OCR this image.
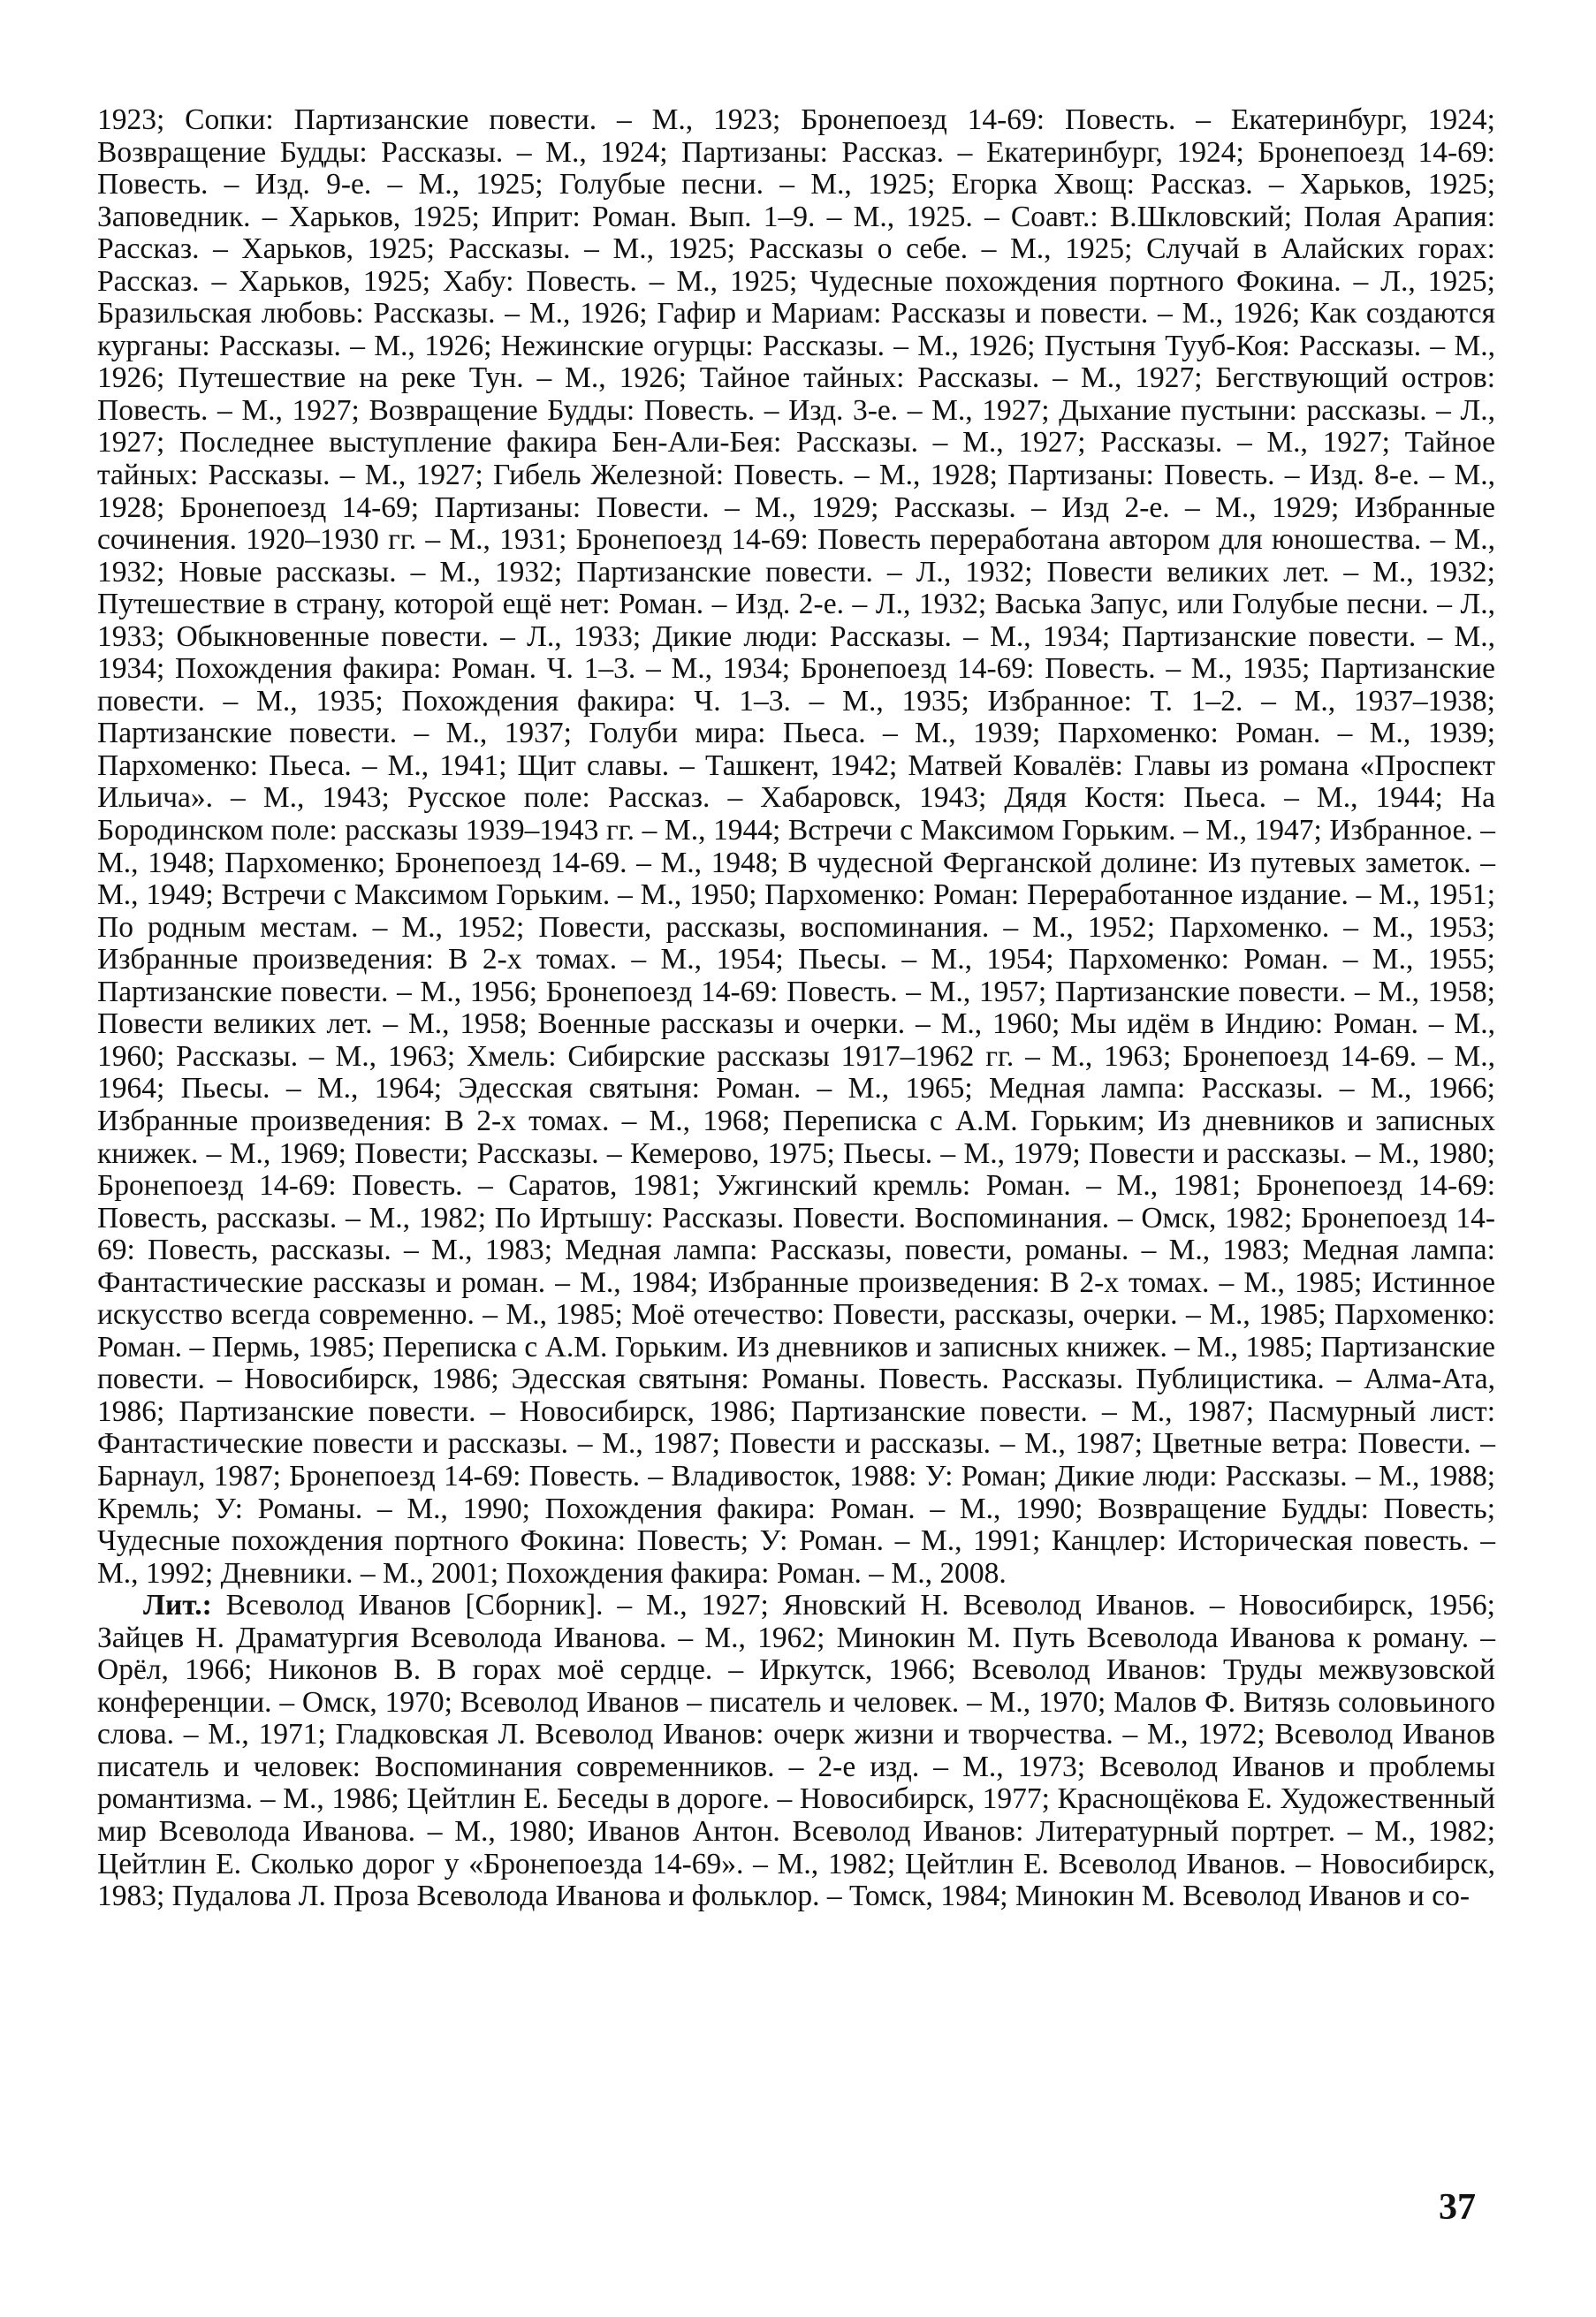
1923; Сопки: Партизанские повести. – М., 1923; Бронепоезд 14-69: Повесть. – Екатеринбург, 1924; Возвращение Будды: Рассказы. – М., 1924; Партизаны: Рассказ. – Екатеринбург, 1924; Бронепоезд 14-69: Повесть. – Изд. 9-е. – М., 1925; Голубые песни. – М., 1925; Егорка Хвощ: Рассказ. – Харьков, 1925; Заповедник. – Харьков, 1925; Иприт: Роман. Вып. 1–9. – М., 1925. – Соавт.: В.Шкловский; Полая Арапия: Рассказ. – Харьков, 1925; Рассказы. – М., 1925; Рассказы о себе. – М., 1925; Случай в Алайских горах: Рассказ. – Харьков, 1925; Хабу: Повесть. – М., 1925; Чудесные похождения портного Фокина. – Л., 1925; Бразильская любовь: Рассказы. – М., 1926; Гафир и Мариам: Рассказы и повести. – М., 1926; Как создаются курганы: Рассказы. – М., 1926; Нежинские огурцы: Рассказы. – М., 1926; Пустыня Тууб-Коя: Рассказы. – М., 1926; Путешествие на реке Тун. – М., 1926; Тайное тайных: Рассказы. – М., 1927; Бегствующий остров: Повесть. – М., 1927; Возвращение Будды: Повесть. – Изд. 3-е. – М., 1927; Дыхание пустыни: рассказы. – Л., 1927; Последнее выступление факира Бен-Али-Бея: Рассказы. – М., 1927; Рассказы. – М., 1927; Тайное тайных: Рассказы. – М., 1927; Гибель Железной: Повесть. – М., 1928; Партизаны: Повесть. – Изд. 8-е. – М., 1928; Бронепоезд 14-69; Партизаны: Повести. – М., 1929; Рассказы. – Изд 2-е. – М., 1929; Избранные сочинения. 1920–1930 гг. – М., 1931; Бронепоезд 14-69: Повесть переработана автором для юношества. – М., 1932; Новые рассказы. – М., 1932; Партизанские повести. – Л., 1932; Повести великих лет. – М., 1932; Путешествие в страну, которой ещё нет: Роман. – Изд. 2-е. – Л., 1932; Васька Запус, или Голубые песни. – Л., 1933; Обыкновенные повести. – Л., 1933; Дикие люди: Рассказы. – М., 1934; Партизанские повести. – М., 1934; Похождения факира: Роман. Ч. 1–3. – М., 1934; Бронепоезд 14-69: Повесть. – М., 1935; Партизанские повести. – М., 1935; Похождения факира: Ч. 1–3. – М., 1935; Избранное: Т. 1–2. – М., 1937–1938; Партизанские повести. – М., 1937; Голуби мира: Пьеса. – М., 1939; Пархоменко: Роман. – М., 1939; Пархоменко: Пьеса. – М., 1941; Щит славы. – Ташкент, 1942; Матвей Ковалёв: Главы из романа «Проспект Ильича». – М., 1943; Русское поле: Рассказ. – Хабаровск, 1943; Дядя Костя: Пьеса. – М., 1944; На Бородинском поле: рассказы 1939–1943 гг. – М., 1944; Встречи с Максимом Горьким. – М., 1947; Избранное. – М., 1948; Пархоменко; Бронепоезд 14-69. – М., 1948; В чудесной Ферганской долине: Из путевых заметок. – М., 1949; Встречи с Максимом Горьким. – М., 1950; Пархоменко: Роман: Переработанное издание. – М., 1951; По родным местам. – М., 1952; Повести, рассказы, воспоминания. – М., 1952; Пархоменко. – М., 1953; Избранные произведения: В 2-х томах. – М., 1954; Пьесы. – М., 1954; Пархоменко: Роман. – М., 1955; Партизанские повести. – М., 1956; Бронепоезд 14-69: Повесть. – М., 1957; Партизанские повести. – М., 1958; Повести великих лет. – М., 1958; Военные рассказы и очерки. – М., 1960; Мы идём в Индию: Роман. – М., 1960; Рассказы. – М., 1963; Хмель: Сибирские рассказы 1917–1962 гг. – М., 1963; Бронепоезд 14-69. – М., 1964; Пьесы. – М., 1964; Эдесская святыня: Роман. – М., 1965; Медная лампа: Рассказы. – М., 1966; Избранные произведения: В 2-х томах. – М., 1968; Переписка с А.М. Горьким; Из дневников и записных книжек. – М., 1969; Повести; Рассказы. – Кемерово, 1975; Пьесы. – М., 1979; Повести и рассказы. – М., 1980; Бронепоезд 14-69: Повесть. – Саратов, 1981; Ужгинский кремль: Роман. – М., 1981; Бронепоезд 14-69: Повесть, рассказы. – М., 1982; По Иртышу: Рассказы. Повести. Воспоминания. – Омск, 1982; Бронепоезд 14-69: Повесть, рассказы. – М., 1983; Медная лампа: Рассказы, повести, романы. – М., 1983; Медная лампа: Фантастические рассказы и роман. – М., 1984; Избранные произведения: В 2-х томах. – М., 1985; Истинное искусство всегда современно. – М., 1985; Моё отечество: Повести, рассказы, очерки. – М., 1985; Пархоменко: Роман. – Пермь, 1985; Переписка с А.М. Горьким. Из дневников и записных книжек. – М., 1985; Партизанские повести. – Новосибирск, 1986; Эдесская святыня: Романы. Повесть. Рассказы. Публицистика. – Алма-Ата, 1986; Партизанские повести. – Новосибирск, 1986; Партизанские повести. – М., 1987; Пасмурный лист: Фантастические повести и рассказы. – М., 1987; Повести и рассказы. – М., 1987; Цветные ветра: Повести. – Барнаул, 1987; Бронепоезд 14-69: Повесть. – Владивосток, 1988: У: Роман; Дикие люди: Рассказы. – М., 1988; Кремль; У: Романы. – М., 1990; Похождения факира: Роман. – М., 1990; Возвращение Будды: Повесть; Чудесные похождения портного Фокина: Повесть; У: Роман. – М., 1991; Канцлер: Историческая повесть. – М., 1992; Дневники. – М., 2001; Похождения факира: Роман. – М., 2008.

Лит.: Всеволод Иванов [Сборник]. – М., 1927; Яновский Н. Всеволод Иванов. – Новосибирск, 1956; Зайцев Н. Драматургия Всеволода Иванова. – М., 1962; Минокин М. Путь Всеволода Иванова к роману. – Орёл, 1966; Никонов В. В горах моё сердце. – Иркутск, 1966; Всеволод Иванов: Труды межвузовской конференции. – Омск, 1970; Всеволод Иванов – писатель и человек. – М., 1970; Малов Ф. Витязь соловьиного слова. – М., 1971; Гладковская Л. Всеволод Иванов: очерк жизни и творчества. – М., 1972; Всеволод Иванов писатель и человек: Воспоминания современников. – 2-е изд. – М., 1973; Всеволод Иванов и проблемы романтизма. – М., 1986; Цейтлин Е. Беседы в дороге. – Новосибирск, 1977; Краснощёкова Е. Художественный мир Всеволода Иванова. – М., 1980; Иванов Антон. Всеволод Иванов: Литературный портрет. – М., 1982; Цейтлин Е. Сколько дорог у «Бронепоезда 14-69». – М., 1982; Цейтлин Е. Всеволод Иванов. – Новосибирск, 1983; Пудалова Л. Проза Всеволода Иванова и фольклор. – Томск, 1984; Минокин М. Всеволод Иванов и со-

37
